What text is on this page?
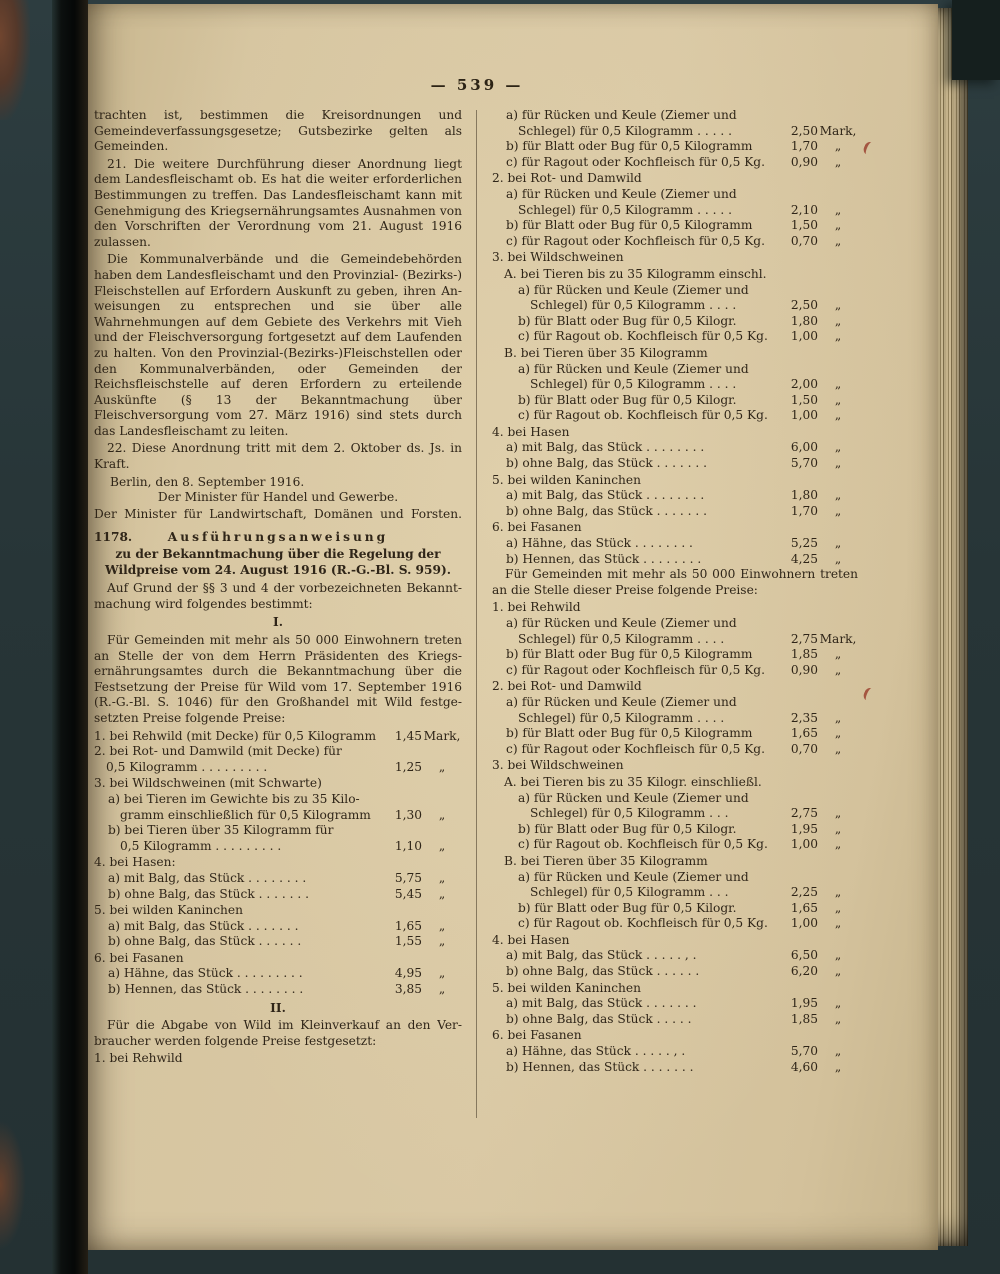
— 539 —
trachten ist, bestimmen die Kreisordnungen und Gemeindeverfassungsgesetze; Gutsbezirke gelten als Gemeinden.
21. Die weitere Durchführung dieser Anordnung liegt dem Landesfleischamt ob. Es hat die weiter erforderlichen Bestimmungen zu treffen. Das Landesfleischamt kann mit Genehmigung des Kriegsernährungsamtes Ausnahmen von den Vorschriften der Verordnung vom 21. August 1916 zulassen.
Die Kommunalverbände und die Gemeindebehörden haben dem Landesfleischamt und den Provinzial- (Bezirks-) Fleischstellen auf Erfordern Auskunft zu geben, ihren Anweisungen zu entsprechen und sie über alle Wahrnehmungen auf dem Gebiete des Verkehrs mit Vieh und der Fleischversorgung fortgesetzt auf dem Laufenden zu halten. Von den Provinzial-(Bezirks-)Fleischstellen oder den Kommunalverbänden, oder Gemeinden der Reichsfleischstelle auf deren Erfordern zu erteilende Auskünfte (§ 13 der Bekanntmachung über Fleischversorgung vom 27. März 1916) sind stets durch das Landesfleischamt zu leiten.
22. Diese Anordnung tritt mit dem 2. Oktober ds. Js. in Kraft.
Berlin, den 8. September 1916.
Der Minister für Handel und Gewerbe.
Der Minister für Landwirtschaft, Domänen und Forsten.
1178.	Ausführungsanweisung
zu der Bekanntmachung über die Regelung der Wildpreise vom 24. August 1916 (R.-G.-Bl. S. 959).
Auf Grund der §§ 3 und 4 der vorbezeichneten Bekanntmachung wird folgendes bestimmt:
I.
Für Gemeinden mit mehr als 50 000 Einwohnern treten an Stelle der von dem Herrn Präsidenten des Kriegsernährungsamtes durch die Bekanntmachung über die Festsetzung der Preise für Wild vom 17. September 1916 (R.-G.-Bl. S. 1046) für den Großhandel mit Wild festgesetzten Preise folgende Preise:
1. bei Rehwild (mit Decke) für 0,5 Kilogramm	1,45 Mark,
2. bei Rot- und Damwild (mit Decke) für
0,5 Kilogramm . . . . . . . . .	1,25	„
3. bei Wildschweinen (mit Schwarte)
a) bei Tieren im Gewichte bis zu 35 Kilo-
gramm einschließlich für 0,5 Kilogramm	1,30	„
b) bei Tieren über 35 Kilogramm für
0,5 Kilogramm . . . . . . . . .	1,10	„
4. bei Hasen:
a) mit Balg, das Stück . . . . . . . .	5,75	„
b) ohne Balg, das Stück . . . . . . .	5,45	„
5. bei wilden Kaninchen
a) mit Balg, das Stück . . . . . . .	1,65	„
b) ohne Balg, das Stück . . . . . .	1,55	„
6. bei Fasanen
a) Hähne, das Stück . . . . . . . . .	4,95	„
b) Hennen, das Stück . . . . . . . .	3,85	„
II.
Für die Abgabe von Wild im Kleinverkauf an den Verbraucher werden folgende Preise festgesetzt:
1. bei Rehwild
a) für Rücken und Keule (Ziemer und
Schlegel) für 0,5 Kilogramm . . . . .	2,50 Mark,
b) für Blatt oder Bug für 0,5 Kilogramm	1,70	„
c) für Ragout oder Kochfleisch für 0,5 Kg.	0,90	„
2. bei Rot- und Damwild
a) für Rücken und Keule (Ziemer und
Schlegel) für 0,5 Kilogramm . . . . .	2,10	„
b) für Blatt oder Bug für 0,5 Kilogramm	1,50	„
c) für Ragout oder Kochfleisch für 0,5 Kg.	0,70	„
3. bei Wildschweinen
A. bei Tieren bis zu 35 Kilogramm einschl.
a) für Rücken und Keule (Ziemer und
Schlegel) für 0,5 Kilogramm . . . .	2,50	„
b) für Blatt oder Bug für 0,5 Kilogr.	1,80	„
c) für Ragout ob. Kochfleisch für 0,5 Kg.	1,00	„
B. bei Tieren über 35 Kilogramm
a) für Rücken und Keule (Ziemer und
Schlegel) für 0,5 Kilogramm . . . .	2,00	„
b) für Blatt oder Bug für 0,5 Kilogr.	1,50	„
c) für Ragout ob. Kochfleisch für 0,5 Kg.	1,00	„
4. bei Hasen
a) mit Balg, das Stück . . . . . . . .	6,00	„
b) ohne Balg, das Stück . . . . . . .	5,70	„
5. bei wilden Kaninchen
a) mit Balg, das Stück . . . . . . . .	1,80	„
b) ohne Balg, das Stück . . . . . . .	1,70	„
6. bei Fasanen
a) Hähne, das Stück . . . . . . . .	5,25	„
b) Hennen, das Stück . . . . . . . .	4,25	„
Für Gemeinden mit mehr als 50 000 Einwohnern treten an die Stelle dieser Preise folgende Preise:
1. bei Rehwild
a) für Rücken und Keule (Ziemer und
Schlegel) für 0,5 Kilogramm . . . .	2,75 Mark,
b) für Blatt oder Bug für 0,5 Kilogramm	1,85	„
c) für Ragout oder Kochfleisch für 0,5 Kg.	0,90	„
2. bei Rot- und Damwild
a) für Rücken und Keule (Ziemer und
Schlegel) für 0,5 Kilogramm . . . .	2,35	„
b) für Blatt oder Bug für 0,5 Kilogramm	1,65	„
c) für Ragout oder Kochfleisch für 0,5 Kg.	0,70	„
3. bei Wildschweinen
A. bei Tieren bis zu 35 Kilogr. einschließl.
a) für Rücken und Keule (Ziemer und
Schlegel) für 0,5 Kilogramm . . .	2,75	„
b) für Blatt oder Bug für 0,5 Kilogr.	1,95	„
c) für Ragout ob. Kochfleisch für 0,5 Kg.	1,00	„
B. bei Tieren über 35 Kilogramm
a) für Rücken und Keule (Ziemer und
Schlegel) für 0,5 Kilogramm . . .	2,25	„
b) für Blatt oder Bug für 0,5 Kilogr.	1,65	„
c) für Ragout ob. Kochfleisch für 0,5 Kg.	1,00	„
4. bei Hasen
a) mit Balg, das Stück . . . . . , .	6,50	„
b) ohne Balg, das Stück . . . . . .	6,20	„
5. bei wilden Kaninchen
a) mit Balg, das Stück . . . . . . .	1,95	„
b) ohne Balg, das Stück . . . . .	1,85	„
6. bei Fasanen
a) Hähne, das Stück . . . . . , .	5,70	„
b) Hennen, das Stück . . . . . . .	4,60	„
